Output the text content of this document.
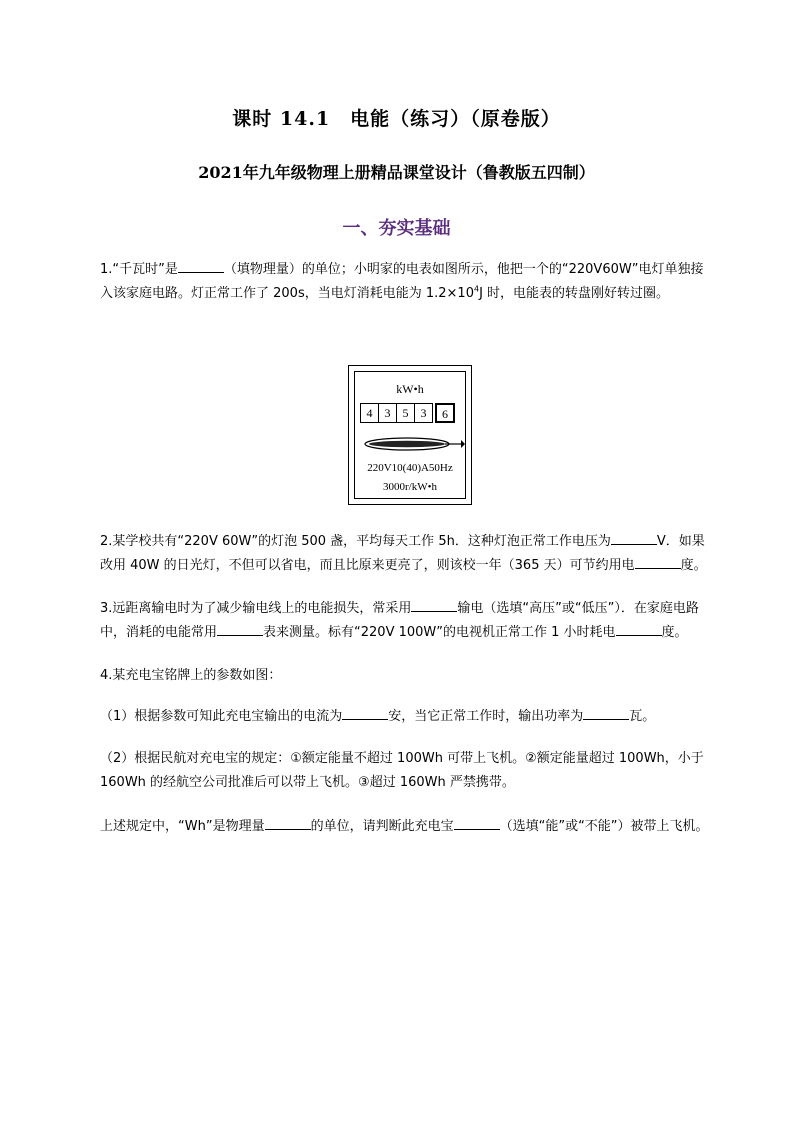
课时 14.1　电能（练习）（原卷版）
2021年九年级物理上册精品课堂设计（鲁教版五四制）
一、夯实基础

1.“千瓦时”是	（填物理量）的单位；小明家的电表如图所示，他把一个的“220V60W”电灯单独接入该家庭电路。灯正常工作了 200s，当电灯消耗电能为 $1.2\times 10^4J$ 时，电能表的转盘刚好转过圈。

kW•h
4	3	5	3	6
220V10(40)A50Hz
3000r/kW•h

2.某学校共有“220V 60W”的灯泡 500 盏，平均每天工作 5h．这种灯泡正常工作电压为	V．如果改用 40W 的日光灯，不但可以省电，而且比原来更亮了，则该校一年（365 天）可节约用电	度。

3.远距离输电时为了减少输电线上的电能损失，常采用	输电（选填“高压”或“低压”）．在家庭电路中，消耗的电能常用	表来测量。标有“220V 100W”的电视机正常工作 1 小时耗电	度。

4.某充电宝铭牌上的参数如图：

（1）根据参数可知此充电宝输出的电流为	安，当它正常工作时，输出功率为	瓦。

（2）根据民航对充电宝的规定：①额定能量不超过 100Wh 可带上飞机。②额定能量超过 100Wh，小于 160Wh 的经航空公司批准后可以带上飞机。③超过 160Wh 严禁携带。

上述规定中，“Wh”是物理量	的单位，请判断此充电宝	（选填“能”或“不能”）被带上飞机。
